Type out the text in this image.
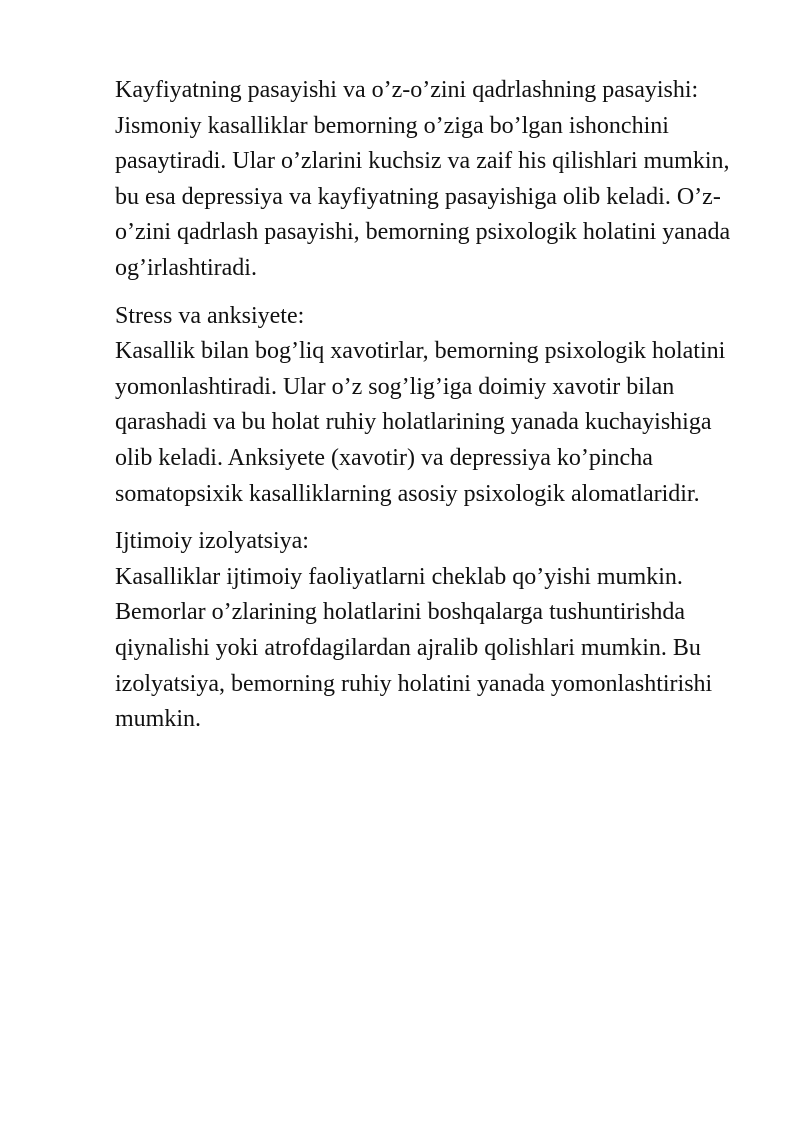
Kayfiyatning pasayishi va o’z-o’zini qadrlashning pasayishi:
Jismoniy kasalliklar bemorning o’ziga bo’lgan ishonchini pasaytiradi. Ular o’zlarini kuchsiz va zaif his qilishlari mumkin, bu esa depressiya va kayfiyatning pasayishiga olib keladi. O’z-o’zini qadrlash pasayishi, bemorning psixologik holatini yanada og’irlashtiradi.
Stress va anksiyete:
Kasallik bilan bog’liq xavotirlar, bemorning psixologik holatini yomonlashtiradi. Ular o’z sog’lig’iga doimiy xavotir bilan qarashadi va bu holat ruhiy holatlarining yanada kuchayishiga olib keladi. Anksiyete (xavotir) va depressiya ko’pincha somatopsixik kasalliklarning asosiy psixologik alomatlaridir.
Ijtimoiy izolyatsiya:
Kasalliklar ijtimoiy faoliyatlarni cheklab qo’yishi mumkin. Bemorlar o’zlarining holatlarini boshqalarga tushuntirishda qiynalishi yoki atrofdagilardan ajralib qolishlari mumkin. Bu izolyatsiya, bemorning ruhiy holatini yanada yomonlashtirishi mumkin.
